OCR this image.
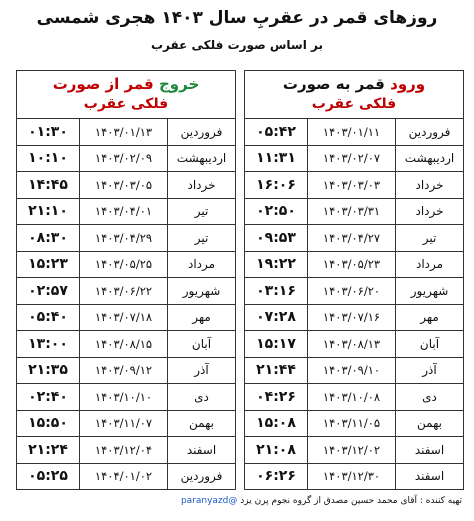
روزهای قمر در عقربِ سال ۱۴۰۳ هجری شمسی
بر اساس صورت فلکی عقرب
ورود قمر به صورت
فلکی عقرب
فروردین
۱۴۰۳/۰۱/۱۱
۰۵:۴۲
اردیبهشت
۱۴۰۳/۰۲/۰۷
۱۱:۳۱
خرداد
۱۴۰۳/۰۳/۰۳
۱۶:۰۶
خرداد
۱۴۰۳/۰۳/۳۱
۰۲:۵۰
تیر
۱۴۰۳/۰۴/۲۷
۰۹:۵۳
مرداد
۱۴۰۳/۰۵/۲۳
۱۹:۲۲
شهریور
۱۴۰۳/۰۶/۲۰
۰۳:۱۶
مهر
۱۴۰۳/۰۷/۱۶
۰۷:۲۸
آبان
۱۴۰۳/۰۸/۱۳
۱۵:۱۷
آذر
۱۴۰۳/۰۹/۱۰
۲۱:۴۴
دی
۱۴۰۳/۱۰/۰۸
۰۴:۲۶
بهمن
۱۴۰۳/۱۱/۰۵
۱۵:۰۸
اسفند
۱۴۰۳/۱۲/۰۲
۲۱:۰۸
اسفند
۱۴۰۳/۱۲/۳۰
۰۶:۲۶
خروج قمر از صورت
فلکی عقرب
فروردین
۱۴۰۳/۰۱/۱۳
۰۱:۳۰
اردیبهشت
۱۴۰۳/۰۲/۰۹
۱۰:۱۰
خرداد
۱۴۰۳/۰۳/۰۵
۱۴:۴۵
تیر
۱۴۰۳/۰۴/۰۱
۲۱:۱۰
تیر
۱۴۰۳/۰۴/۲۹
۰۸:۳۰
مرداد
۱۴۰۳/۰۵/۲۵
۱۵:۲۳
شهریور
۱۴۰۳/۰۶/۲۲
۰۲:۵۷
مهر
۱۴۰۳/۰۷/۱۸
۰۵:۴۰
آبان
۱۴۰۳/۰۸/۱۵
۱۳:۰۰
آذر
۱۴۰۳/۰۹/۱۲
۲۱:۳۵
دی
۱۴۰۳/۱۰/۱۰
۰۲:۴۰
بهمن
۱۴۰۳/۱۱/۰۷
۱۵:۵۰
اسفند
۱۴۰۳/۱۲/۰۴
۲۱:۲۴
فروردین
۱۴۰۴/۰۱/۰۲
۰۵:۲۵
تهیه کننده : آقای محمد حسین مصدق از گروه نجوم پرن یزد @paranyazd
